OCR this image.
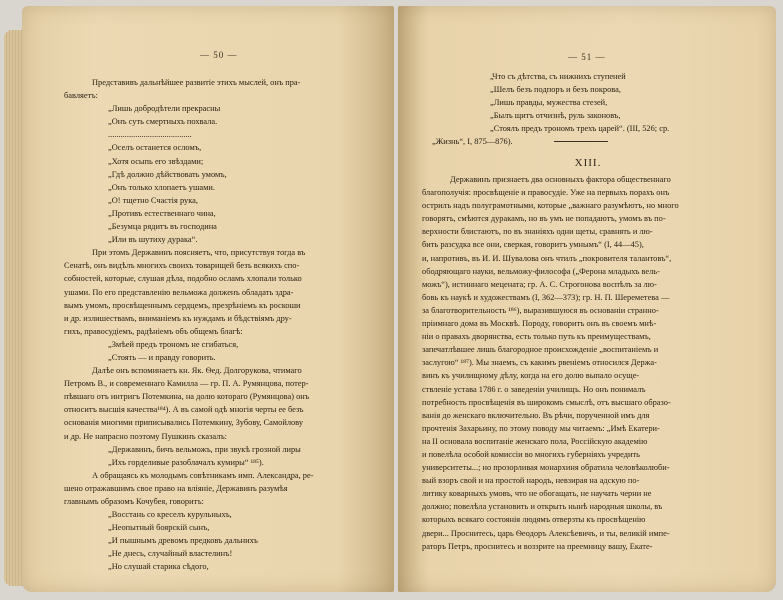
— 50 —
Представивъ дальнѣйшее развитіе этихъ мыслей, онъ пра-
бавляетъ:
„Лишь добродѣтели прекрасны
„Онъ суть смертныхъ похвала.
........................................
„Оселъ останется осломъ,
„Хотя осыпь его звѣздами;
„Гдѣ должно дѣйствовать умомъ,
„Онъ только хлопаетъ ушами.
„О! тщетно Счастія рука,
„Противъ естественнаго чина,
„Безумца рядитъ въ господина
„Или въ шутиху дурака“.
При этомъ Державинъ поясняетъ, что, присутствуя тогда въ
Сенатѣ, онъ видѣлъ многихъ своихъ товарищей безъ всякихъ спо-
собностей, которые, слушая дѣла, подобно осламъ хлопали только
ушами. По его представленію вельможа долженъ обладать здра-
вымъ умомъ, просвѣщеннымъ сердцемъ, презрѣніемъ къ роскоши
и др. излишествамъ, вниманіемъ къ нуждамъ и бѣдствіямъ дру-
гихъ, правосудіемъ, радѣніемъ объ общемъ благѣ:
„Змѣей предъ трономъ не сгибаться,
„Стоять — и правду говорить.
Далѣе онъ вспоминаетъ кн. Як. Ѳед. Долгорукова, чтимаго
Петромъ В., и современнаго Камилла — гр. П. А. Румянцова, потер-
пѣвшаго отъ интригъ Потемкина, на долю котораго (Румянцова) онъ
относитъ высшія качества¹⁸⁴). А въ самой одѣ многія черты ее безъ
основанія многими приписывались Потемкину, Зубову, Самойлову
и др. Не напрасно поэтому Пушкинъ сказалъ:
„Державинъ, бичъ вельможъ, при звукѣ грозной лиры
„Ихъ горделивые разоблачалъ кумиры“ ¹⁸⁵).
А обращаясь къ молодымъ совѣтникамъ имп. Александра, ре-
шено отражавшимъ свое право на вліяніе, Державинъ разумѣя
главнымъ образомъ Кочубея, говоритъ:
„Восстань со креселъ курульныхъ,
„Неопытный боярскій сынъ,
„И пышнымъ древомъ предковъ дальнихъ
„Не днесь, случайный властелинъ!
„Но слушай старика сѣдого,
— 51 —
„Что съ дѣтства, съ нижнихъ ступеней
„Шелъ безъ подпоръ и безъ покрова,
„Лишь правды, мужества стезей,
„Былъ щитъ отчизнѣ, руль законовъ,
„Стоялъ предъ трономъ трехъ царей“. (III, 526; ср.
„Жизнь“, I, 875—876).
XIII.
Державинъ признаетъ два основныхъ фактора общественнаго
благополучія: просвѣщеніе и правосудіе. Уже на первыхъ порахъ онъ
острилъ надъ полуграмотными, которые „важнаго разумѣютъ, но много
говорятъ, смѣются дуракамъ, но въ умъ не попадаютъ, умомъ въ по-
верхности блистаютъ, по въ знаніяхъ одни щеты, сравнять и лю-
бить разсудка все они, сверкая, говоритъ умнымъ“ (I, 44—45),
и, напротивъ, въ И. И. Шувалова онъ чтилъ „покровителя талантовъ“,
ободряющаго науки, вельможу-философа („Ферона младыхъ вель-
можъ“), истиннаго мецената; гр. А. С. Строгонова воспѣлъ за лю-
бовь къ наукѣ и художествамъ (I, 362—373); гр. Н. П. Шереметева —
за благотворительность ¹⁸⁶), выразившуюся въ основаніи странно-
пріимнаго дома въ Москвѣ. Породу, говоритъ онъ въ своемъ мнѣ-
ніи о правахъ дворянства, есть только путь къ преимуществамъ,
запечатлѣвшее лишь благородное происхожденіе „воспитаніемъ и
заслугою“ ¹⁸⁷). Мы знаемъ, съ какимъ рвеніемъ относился Держа-
винъ къ училищному дѣлу, когда на его долю выпало осуще-
ствленіе устава 1786 г. о заведеніи училищъ. Но онъ понималъ
потребность просвѣщенія въ широкомъ смыслѣ, отъ высшаго образо-
ванія до женскаго включительно. Въ рѣчи, порученной имъ для
прочтенія Захарьину, по этому поводу мы читаемъ: „Имѣ Екатери-
на II основала воспитаніе женскаго пола, Россійскую академію
и повелѣла особой комиссіи во многихъ губерніяхъ учредить
университеты...; но прозорливая монархиня обратила человѣколюби-
вый взоръ свой и на простой народъ, невзирая на адскую по-
литику коварныхъ умовъ, что не обогащать, не научать черни не
должно; повелѣла установить и открыть нынѣ народныя школы, въ
которыхъ всякаго состоянія людямъ отверзты къ просвѣщенію
двери... Проснитесь, царь Ѳеодоръ Алексѣевичъ, и ты, великій импе-
раторъ Петръ, проснитесь и воззрите на преемницу вашу, Екате-
